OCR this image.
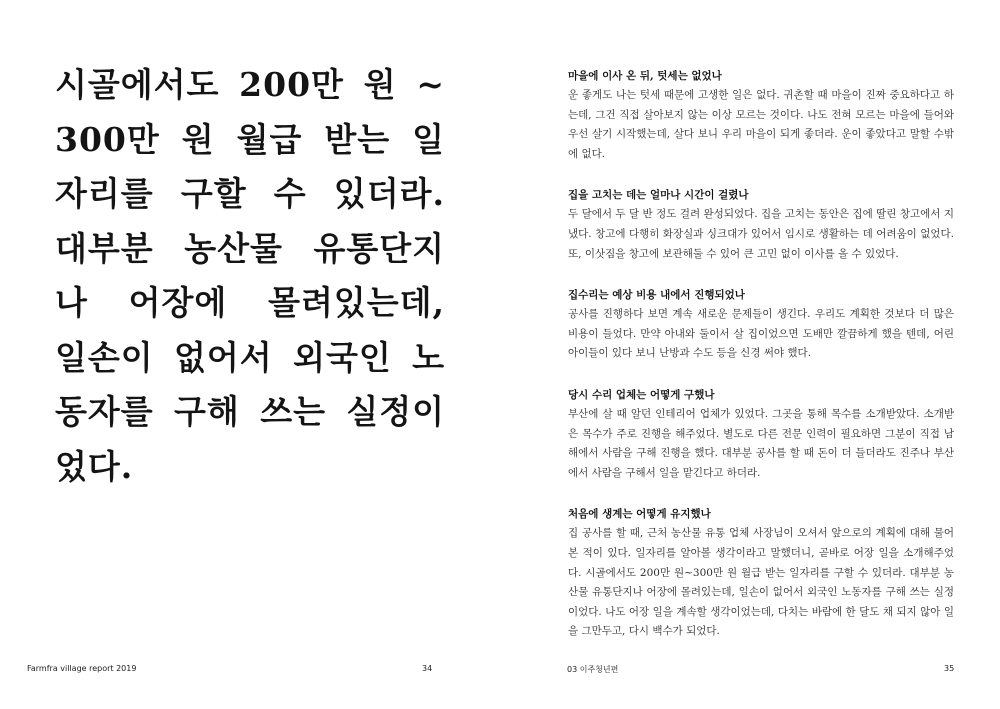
시골에서도 200만 원 ~ 300만 원 월급 받는 일자리를 구할 수 있더라. 대부분 농산물 유통단지나 어장에 몰려있는데, 일손이 없어서 외국인 노동자를 구해 쓰는 실정이었다.

Farmfra village report 2019	34

마을에 이사 온 뒤, 텃세는 없었나

운 좋게도 나는 텃세 때문에 고생한 일은 없다. 귀촌할 때 마을이 진짜 중요하다고 하는데, 그건 직접 살아보지 않는 이상 모르는 것이다. 나도 전혀 모르는 마을에 들어와 우선 살기 시작했는데, 살다 보니 우리 마을이 되게 좋더라. 운이 좋았다고 말할 수밖에 없다.

집을 고치는 데는 얼마나 시간이 걸렸나

두 달에서 두 달 반 정도 걸려 완성되었다. 집을 고치는 동안은 집에 딸린 창고에서 지냈다. 창고에 다행히 화장실과 싱크대가 있어서 임시로 생활하는 데 어려움이 없었다. 또, 이삿짐을 창고에 보관해둘 수 있어 큰 고민 없이 이사를 올 수 있었다.

집수리는 예상 비용 내에서 진행되었나

공사를 진행하다 보면 계속 새로운 문제들이 생긴다. 우리도 계획한 것보다 더 많은 비용이 들었다. 만약 아내와 둘이서 살 집이었으면 도배만 깔끔하게 했을 텐데, 어린아이들이 있다 보니 난방과 수도 등을 신경 써야 했다.

당시 수리 업체는 어떻게 구했나

부산에 살 때 알던 인테리어 업체가 있었다. 그곳을 통해 목수를 소개받았다. 소개받은 목수가 주로 진행을 해주었다. 별도로 다른 전문 인력이 필요하면 그분이 직접 남해에서 사람을 구해 진행을 했다. 대부분 공사를 할 때 돈이 더 들더라도 진주나 부산에서 사람을 구해서 일을 맡긴다고 하더라.

처음에 생계는 어떻게 유지했나

집 공사를 할 때, 근처 농산물 유통 업체 사장님이 오셔서 앞으로의 계획에 대해 물어본 적이 있다. 일자리를 알아볼 생각이라고 말했더니, 곧바로 어장 일을 소개해주었다. 시골에서도 200만 원~300만 원 월급 받는 일자리를 구할 수 있더라. 대부분 농산물 유통단지나 어장에 몰려있는데, 일손이 없어서 외국인 노동자를 구해 쓰는 실정이었다. 나도 어장 일을 계속할 생각이었는데, 다치는 바람에 한 달도 채 되지 않아 일을 그만두고, 다시 백수가 되었다.

03 이주청년편	35
